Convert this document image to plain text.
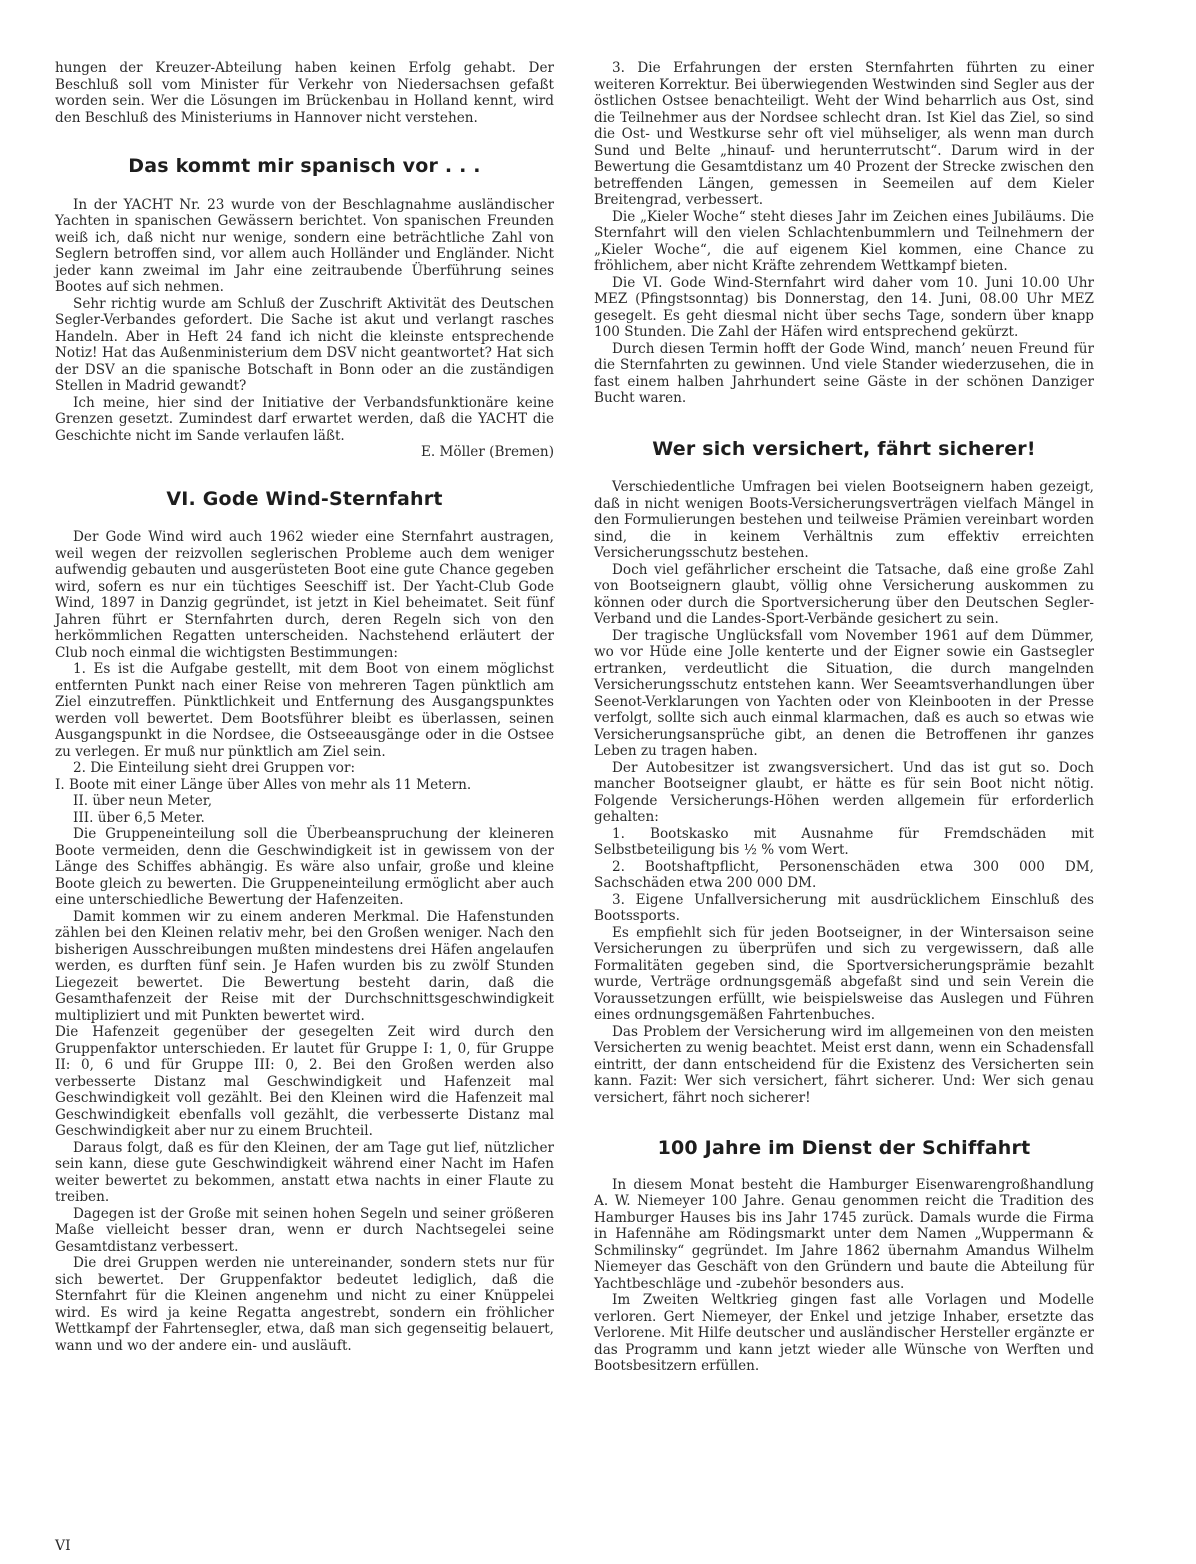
hungen der Kreuzer-Abteilung haben keinen Erfolg gehabt. Der Beschluß soll vom Minister für Verkehr von Niedersachsen gefaßt worden sein. Wer die Lösungen im Brückenbau in Holland kennt, wird den Beschluß des Ministeriums in Hannover nicht verstehen.

Das kommt mir spanisch vor . . .

In der YACHT Nr. 23 wurde von der Beschlagnahme ausländischer Yachten in spanischen Gewässern berichtet. Von spanischen Freunden weiß ich, daß nicht nur wenige, sondern eine beträchtliche Zahl von Seglern betroffen sind, vor allem auch Holländer und Engländer. Nicht jeder kann zweimal im Jahr eine zeitraubende Überführung seines Bootes auf sich nehmen.

Sehr richtig wurde am Schluß der Zuschrift Aktivität des Deutschen Segler-Verbandes gefordert. Die Sache ist akut und verlangt rasches Handeln. Aber in Heft 24 fand ich nicht die kleinste entsprechende Notiz! Hat das Außenministerium dem DSV nicht geantwortet? Hat sich der DSV an die spanische Botschaft in Bonn oder an die zuständigen Stellen in Madrid gewandt?

Ich meine, hier sind der Initiative der Verbandsfunktionäre keine Grenzen gesetzt. Zumindest darf erwartet werden, daß die YACHT die Geschichte nicht im Sande verlaufen läßt.

E. Möller (Bremen)

VI. Gode Wind-Sternfahrt

Der Gode Wind wird auch 1962 wieder eine Sternfahrt austragen, weil wegen der reizvollen seglerischen Probleme auch dem weniger aufwendig gebauten und ausgerüsteten Boot eine gute Chance gegeben wird, sofern es nur ein tüchtiges Seeschiff ist. Der Yacht-Club Gode Wind, 1897 in Danzig gegründet, ist jetzt in Kiel beheimatet. Seit fünf Jahren führt er Sternfahrten durch, deren Regeln sich von den herkömmlichen Regatten unterscheiden. Nachstehend erläutert der Club noch einmal die wichtigsten Bestimmungen:

1. Es ist die Aufgabe gestellt, mit dem Boot von einem möglichst entfernten Punkt nach einer Reise von mehreren Tagen pünktlich am Ziel einzutreffen. Pünktlichkeit und Entfernung des Ausgangspunktes werden voll bewertet. Dem Bootsführer bleibt es überlassen, seinen Ausgangspunkt in die Nordsee, die Ostseeausgänge oder in die Ostsee zu verlegen. Er muß nur pünktlich am Ziel sein.

2. Die Einteilung sieht drei Gruppen vor:

I. Boote mit einer Länge über Alles von mehr als 11 Metern.

II. über neun Meter,

III. über 6,5 Meter.

Die Gruppeneinteilung soll die Überbeanspruchung der kleineren Boote vermeiden, denn die Geschwindigkeit ist in gewissem von der Länge des Schiffes abhängig. Es wäre also unfair, große und kleine Boote gleich zu bewerten. Die Gruppeneinteilung ermöglicht aber auch eine unterschiedliche Bewertung der Hafenzeiten.

Damit kommen wir zu einem anderen Merkmal. Die Hafenstunden zählen bei den Kleinen relativ mehr, bei den Großen weniger. Nach den bisherigen Ausschreibungen mußten mindestens drei Häfen angelaufen werden, es durften fünf sein. Je Hafen wurden bis zu zwölf Stunden Liegezeit bewertet. Die Bewertung besteht darin, daß die Gesamthafenzeit der Reise mit der Durchschnittsgeschwindigkeit multipliziert und mit Punkten bewertet wird.

Die Hafenzeit gegenüber der gesegelten Zeit wird durch den Gruppenfaktor unterschieden. Er lautet für Gruppe I: 1, 0, für Gruppe II: 0, 6 und für Gruppe III: 0, 2. Bei den Großen werden also verbesserte Distanz mal Geschwindigkeit und Hafenzeit mal Geschwindigkeit voll gezählt. Bei den Kleinen wird die Hafenzeit mal Geschwindigkeit ebenfalls voll gezählt, die verbesserte Distanz mal Geschwindigkeit aber nur zu einem Bruchteil.

Daraus folgt, daß es für den Kleinen, der am Tage gut lief, nützlicher sein kann, diese gute Geschwindigkeit während einer Nacht im Hafen weiter bewertet zu bekommen, anstatt etwa nachts in einer Flaute zu treiben.

Dagegen ist der Große mit seinen hohen Segeln und seiner größeren Maße vielleicht besser dran, wenn er durch Nachtsegelei seine Gesamtdistanz verbessert.

Die drei Gruppen werden nie untereinander, sondern stets nur für sich bewertet. Der Gruppenfaktor bedeutet lediglich, daß die Sternfahrt für die Kleinen angenehm und nicht zu einer Knüppelei wird. Es wird ja keine Regatta angestrebt, sondern ein fröhlicher Wettkampf der Fahrtensegler, etwa, daß man sich gegenseitig belauert, wann und wo der andere ein- und ausläuft.

3. Die Erfahrungen der ersten Sternfahrten führten zu einer weiteren Korrektur. Bei überwiegenden Westwinden sind Segler aus der östlichen Ostsee benachteiligt. Weht der Wind beharrlich aus Ost, sind die Teilnehmer aus der Nordsee schlecht dran. Ist Kiel das Ziel, so sind die Ost- und Westkurse sehr oft viel mühseliger, als wenn man durch Sund und Belte „hinauf- und herunterrutscht“. Darum wird in der Bewertung die Gesamtdistanz um 40 Prozent der Strecke zwischen den betreffenden Längen, gemessen in Seemeilen auf dem Kieler Breitengrad, verbessert.

Die „Kieler Woche“ steht dieses Jahr im Zeichen eines Jubiläums. Die Sternfahrt will den vielen Schlachtenbummlern und Teilnehmern der „Kieler Woche“, die auf eigenem Kiel kommen, eine Chance zu fröhlichem, aber nicht Kräfte zehrendem Wettkampf bieten.

Die VI. Gode Wind-Sternfahrt wird daher vom 10. Juni 10.00 Uhr MEZ (Pfingstsonntag) bis Donnerstag, den 14. Juni, 08.00 Uhr MEZ gesegelt. Es geht diesmal nicht über sechs Tage, sondern über knapp 100 Stunden. Die Zahl der Häfen wird entsprechend gekürzt.

Durch diesen Termin hofft der Gode Wind, manch’ neuen Freund für die Sternfahrten zu gewinnen. Und viele Stander wiederzusehen, die in fast einem halben Jahrhundert seine Gäste in der schönen Danziger Bucht waren.

Wer sich versichert, fährt sicherer!

Verschiedentliche Umfragen bei vielen Bootseignern haben gezeigt, daß in nicht wenigen Boots-Versicherungsverträgen vielfach Mängel in den Formulierungen bestehen und teilweise Prämien vereinbart worden sind, die in keinem Verhältnis zum effektiv erreichten Versicherungsschutz bestehen.

Doch viel gefährlicher erscheint die Tatsache, daß eine große Zahl von Bootseignern glaubt, völlig ohne Versicherung auskommen zu können oder durch die Sportversicherung über den Deutschen Segler-Verband und die Landes-Sport-Verbände gesichert zu sein.

Der tragische Unglücksfall vom November 1961 auf dem Dümmer, wo vor Hüde eine Jolle kenterte und der Eigner sowie ein Gastsegler ertranken, verdeutlicht die Situation, die durch mangelnden Versicherungsschutz entstehen kann. Wer Seeamtsverhandlungen über Seenot-Verklarungen von Yachten oder von Kleinbooten in der Presse verfolgt, sollte sich auch einmal klarmachen, daß es auch so etwas wie Versicherungsansprüche gibt, an denen die Betroffenen ihr ganzes Leben zu tragen haben.

Der Autobesitzer ist zwangsversichert. Und das ist gut so. Doch mancher Bootseigner glaubt, er hätte es für sein Boot nicht nötig. Folgende Versicherungs-Höhen werden allgemein für erforderlich gehalten:

1. Bootskasko mit Ausnahme für Fremdschäden mit Selbstbeteiligung bis ½ % vom Wert.

2. Bootshaftpflicht, Personenschäden etwa 300 000 DM, Sachschäden etwa 200 000 DM.

3. Eigene Unfallversicherung mit ausdrücklichem Einschluß des Bootssports.

Es empfiehlt sich für jeden Bootseigner, in der Wintersaison seine Versicherungen zu überprüfen und sich zu vergewissern, daß alle Formalitäten gegeben sind, die Sportversicherungsprämie bezahlt wurde, Verträge ordnungsgemäß abgefaßt sind und sein Verein die Voraussetzungen erfüllt, wie beispielsweise das Auslegen und Führen eines ordnungsgemäßen Fahrtenbuches.

Das Problem der Versicherung wird im allgemeinen von den meisten Versicherten zu wenig beachtet. Meist erst dann, wenn ein Schadensfall eintritt, der dann entscheidend für die Existenz des Versicherten sein kann. Fazit: Wer sich versichert, fährt sicherer. Und: Wer sich genau versichert, fährt noch sicherer!

100 Jahre im Dienst der Schiffahrt

In diesem Monat besteht die Hamburger Eisenwarengroßhandlung A. W. Niemeyer 100 Jahre. Genau genommen reicht die Tradition des Hamburger Hauses bis ins Jahr 1745 zurück. Damals wurde die Firma in Hafennähe am Rödingsmarkt unter dem Namen „Wuppermann & Schmilinsky“ gegründet. Im Jahre 1862 übernahm Amandus Wilhelm Niemeyer das Geschäft von den Gründern und baute die Abteilung für Yachtbeschläge und -zubehör besonders aus.

Im Zweiten Weltkrieg gingen fast alle Vorlagen und Modelle verloren. Gert Niemeyer, der Enkel und jetzige Inhaber, ersetzte das Verlorene. Mit Hilfe deutscher und ausländischer Hersteller ergänzte er das Programm und kann jetzt wieder alle Wünsche von Werften und Bootsbesitzern erfüllen.

VI
